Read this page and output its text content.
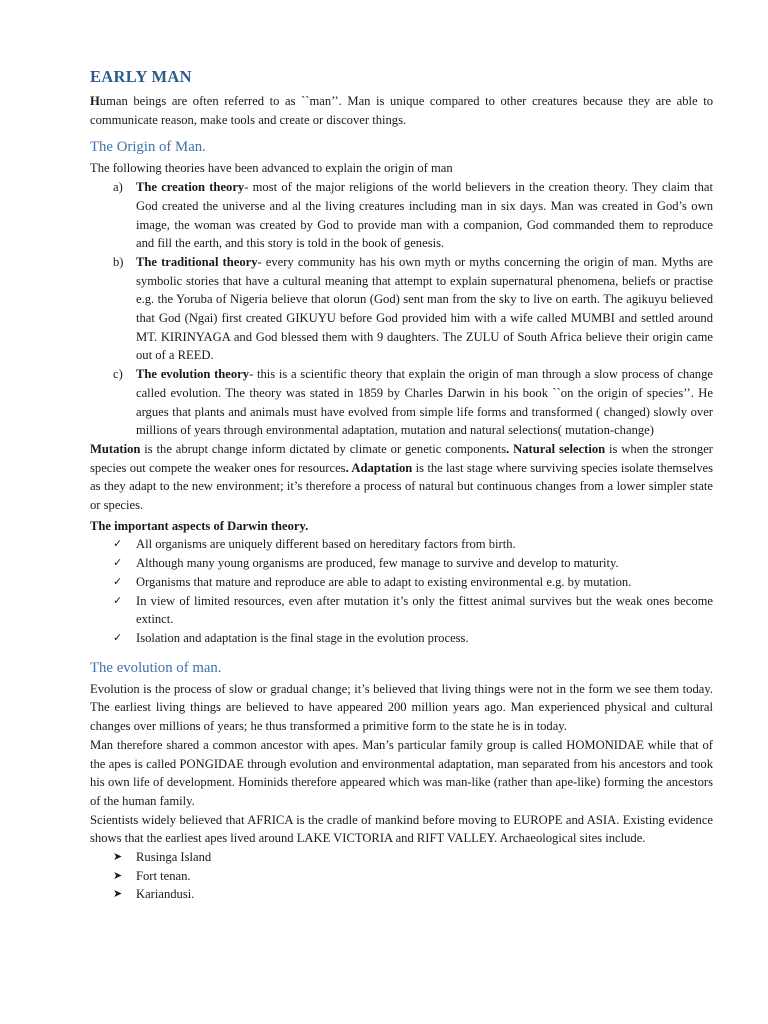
EARLY MAN

Human beings are often referred to as ``man’’. Man is unique compared to other creatures because they are able to communicate reason, make tools and create or discover things.

The Origin of Man.

The following theories have been advanced to explain the origin of man

a) The creation theory- most of the major religions of the world believers in the creation theory. They claim that God created the universe and al the living creatures including man in six days. Man was created in God’s own image, the woman was created by God to provide man with a companion, God commanded them to reproduce and fill the earth, and this story is told in the book of genesis.
b) The traditional theory- every community has his own myth or myths concerning the origin of man. Myths are symbolic stories that have a cultural meaning that attempt to explain supernatural phenomena, beliefs or practise e.g. the Yoruba of Nigeria believe that olorun (God) sent man from the sky to live on earth. The agikuyu believed that God (Ngai) first created GIKUYU before God provided him with a wife called MUMBI and settled around MT. KIRINYAGA and God blessed them with 9 daughters. The ZULU of South Africa believe their origin came out of a REED.
c) The evolution theory- this is a scientific theory that explain the origin of man through a slow process of change called evolution. The theory was stated in 1859 by Charles Darwin in his book ``on the origin of species’’. He argues that plants and animals must have evolved from simple life forms and transformed ( changed) slowly over millions of years through environmental adaptation, mutation and natural selections( mutation-change)

Mutation is the abrupt change inform dictated by climate or genetic components. Natural selection is when the stronger species out compete the weaker ones for resources. Adaptation is the last stage where surviving species isolate themselves as they adapt to the new environment; it’s therefore a process of natural but continuous changes from a lower simpler state or species.

The important aspects of Darwin theory.
✓ All organisms are uniquely different based on hereditary factors from birth.
✓ Although many young organisms are produced, few manage to survive and develop to maturity.
✓ Organisms that mature and reproduce are able to adapt to existing environmental e.g. by mutation.
✓ In view of limited resources, even after mutation it’s only the fittest animal survives but the weak ones become extinct.
✓ Isolation and adaptation is the final stage in the evolution process.
The evolution of man.

Evolution is the process of slow or gradual change; it’s believed that living things were not in the form we see them today. The earliest living things are believed to have appeared 200 million years ago. Man experienced physical and cultural changes over millions of years; he thus transformed a primitive form to the state he is in today.

Man therefore shared a common ancestor with apes. Man’s particular family group is called HOMONIDAE while that of the apes is called PONGIDAE through evolution and environmental adaptation, man separated from his ancestors and took his own life of development. Hominids therefore appeared which was man-like (rather than ape-like) forming the ancestors of the human family.

Scientists widely believed that AFRICA is the cradle of mankind before moving to EUROPE and ASIA. Existing evidence shows that the earliest apes lived around LAKE VICTORIA and RIFT VALLEY. Archaeological sites include.

➤ Rusinga Island
➤ Fort tenan.
➤ Kariandusi.
